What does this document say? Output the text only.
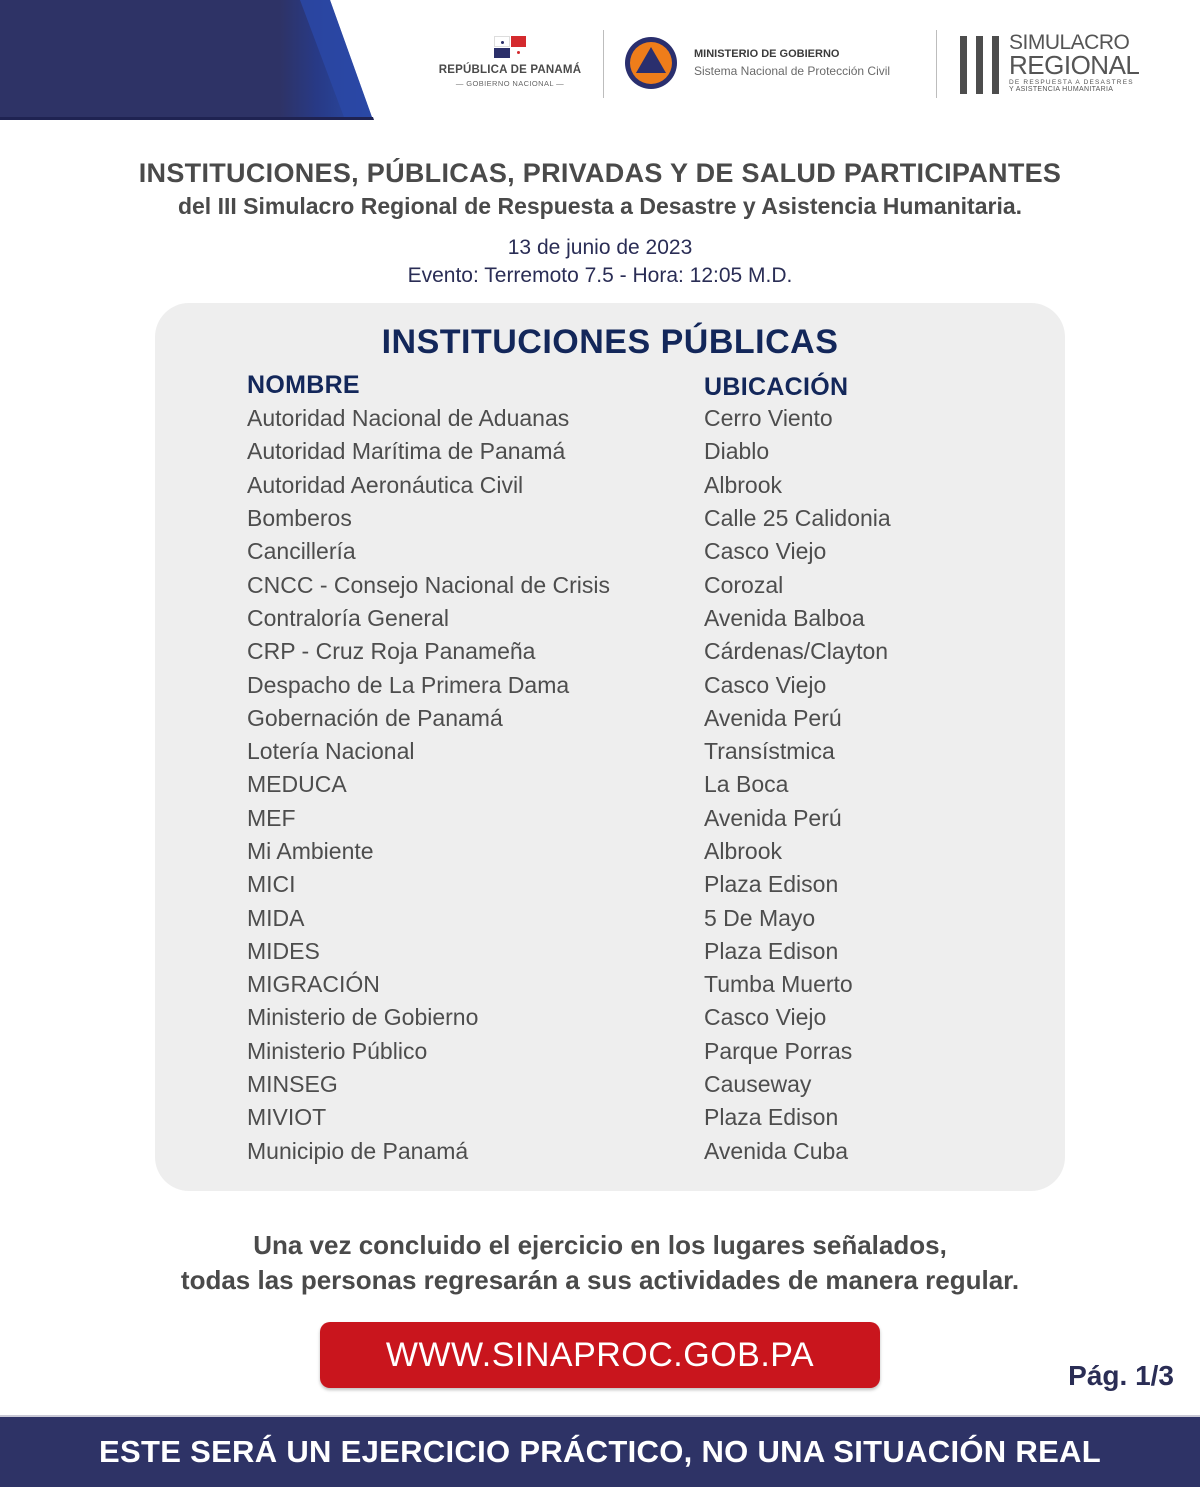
REPÚBLICA DE PANAMÁ
— GOBIERNO NACIONAL —
MINISTERIO DE GOBIERNO
Sistema Nacional de Protección Civil
SIMULACRO
REGIONAL
DE RESPUESTA A DESASTRES
Y ASISTENCIA HUMANITARIA
INSTITUCIONES, PÚBLICAS, PRIVADAS Y DE SALUD PARTICIPANTES
del III Simulacro Regional de Respuesta a Desastre y Asistencia Humanitaria.
13 de junio de 2023
Evento: Terremoto 7.5 - Hora: 12:05 M.D.
INSTITUCIONES PÚBLICAS
NOMBRE	UBICACIÓN
Autoridad Nacional de Aduanas	Cerro Viento
Autoridad Marítima de Panamá	Diablo
Autoridad Aeronáutica Civil	Albrook
Bomberos	Calle 25 Calidonia
Cancillería	Casco Viejo
CNCC - Consejo Nacional de Crisis	Corozal
Contraloría General	Avenida Balboa
CRP - Cruz Roja Panameña	Cárdenas/Clayton
Despacho de La Primera Dama	Casco Viejo
Gobernación de Panamá	Avenida Perú
Lotería Nacional	Transístmica
MEDUCA	La Boca
MEF	Avenida Perú
Mi Ambiente	Albrook
MICI	Plaza Edison
MIDA	5 De Mayo
MIDES	Plaza Edison
MIGRACIÓN	Tumba Muerto
Ministerio de Gobierno	Casco Viejo
Ministerio Público	Parque Porras
MINSEG	Causeway
MIVIOT	Plaza Edison
Municipio de Panamá	Avenida Cuba
Una vez concluido el ejercicio en los lugares señalados,
todas las personas regresarán a sus actividades de manera regular.
WWW.SINAPROC.GOB.PA
Pág. 1/3
ESTE SERÁ UN EJERCICIO PRÁCTICO, NO UNA SITUACIÓN REAL
